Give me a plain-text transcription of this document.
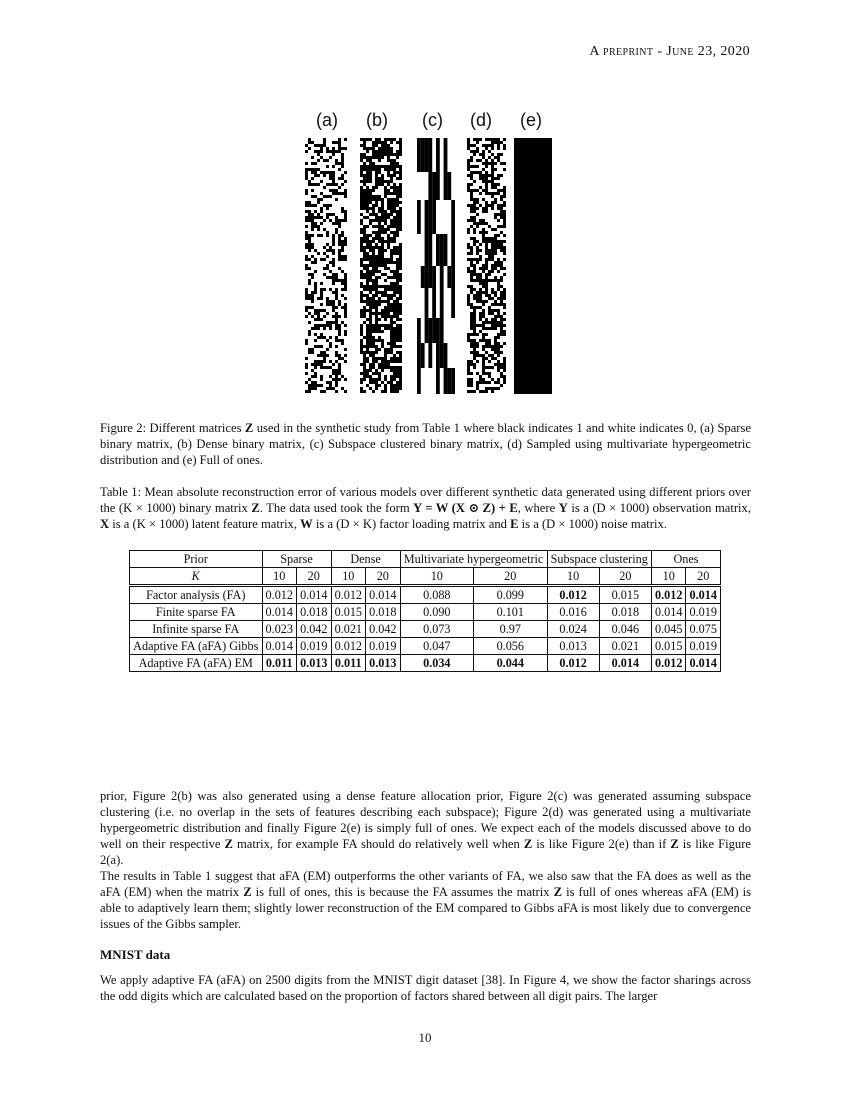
A preprint - June 23, 2020
(a) (b) (c) (d) (e)
Figure 2: Different matrices Z used in the synthetic study from Table 1 where black indicates 1 and white indicates 0, (a) Sparse binary matrix, (b) Dense binary matrix, (c) Subspace clustered binary matrix, (d) Sampled using multivariate hypergeometric distribution and (e) Full of ones.
Table 1: Mean absolute reconstruction error of various models over different synthetic data generated using different priors over the (K × 1000) binary matrix Z. The data used took the form Y = W (X ⊙ Z) + E, where Y is a (D × 1000) observation matrix, X is a (K × 1000) latent feature matrix, W is a (D × K) factor loading matrix and E is a (D × 1000) noise matrix.
Prior	Sparse		Dense		Multivariate hypergeometric		Subspace clustering		Ones	
K	10	20	10	20	10	20	10	20	10	20
Factor analysis (FA)	0.012	0.014	0.012	0.014	0.088	0.099	0.012	0.015	0.012	0.014
Finite sparse FA	0.014	0.018	0.015	0.018	0.090	0.101	0.016	0.018	0.014	0.019
Infinite sparse FA	0.023	0.042	0.021	0.042	0.073	0.97	0.024	0.046	0.045	0.075
Adaptive FA (aFA) Gibbs	0.014	0.019	0.012	0.019	0.047	0.056	0.013	0.021	0.015	0.019
Adaptive FA (aFA) EM	0.011	0.013	0.011	0.013	0.034	0.044	0.012	0.014	0.012	0.014
prior, Figure 2(b) was also generated using a dense feature allocation prior, Figure 2(c) was generated assuming subspace clustering (i.e. no overlap in the sets of features describing each subspace); Figure 2(d) was generated using a multivariate hypergeometric distribution and finally Figure 2(e) is simply full of ones. We expect each of the models discussed above to do well on their respective Z matrix, for example FA should do relatively well when Z is like Figure 2(e) than if Z is like Figure 2(a).
The results in Table 1 suggest that aFA (EM) outperforms the other variants of FA, we also saw that the FA does as well as the aFA (EM) when the matrix Z is full of ones, this is because the FA assumes the matrix Z is full of ones whereas aFA (EM) is able to adaptively learn them; slightly lower reconstruction of the EM compared to Gibbs aFA is most likely due to convergence issues of the Gibbs sampler.
MNIST data
We apply adaptive FA (aFA) on 2500 digits from the MNIST digit dataset [38]. In Figure 4, we show the factor sharings across the odd digits which are calculated based on the proportion of factors shared between all digit pairs. The larger
10
